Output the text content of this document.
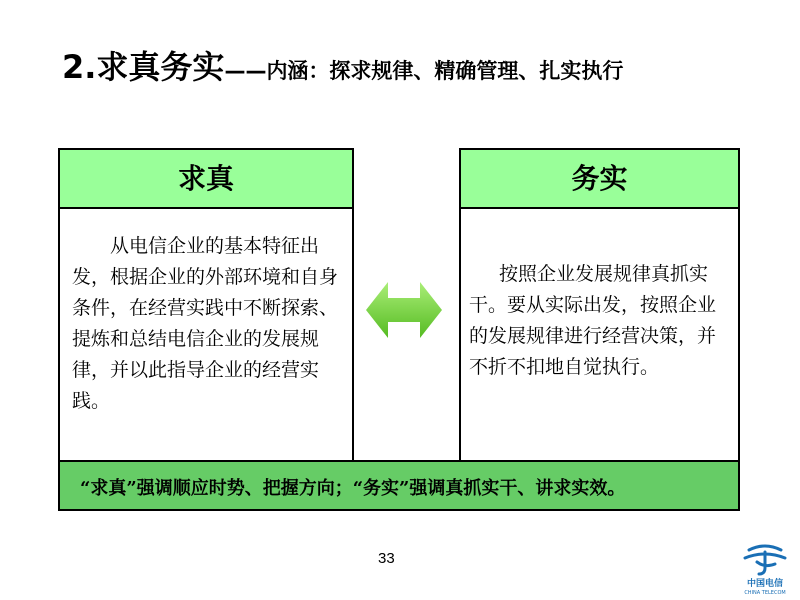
2.求真务实——内涵：探求规律、精确管理、扎实执行
求真
从电信企业的基本特征出发，根据企业的外部环境和自身条件，在经营实践中不断探索、提炼和总结电信企业的发展规律，并以此指导企业的经营实践。
务实
按照企业发展规律真抓实干。要从实际出发，按照企业的发展规律进行经营决策，并不折不扣地自觉执行。
“求真”强调顺应时势、把握方向；“务实”强调真抓实干、讲求实效。
33
中国电信
CHINA TELECOM
